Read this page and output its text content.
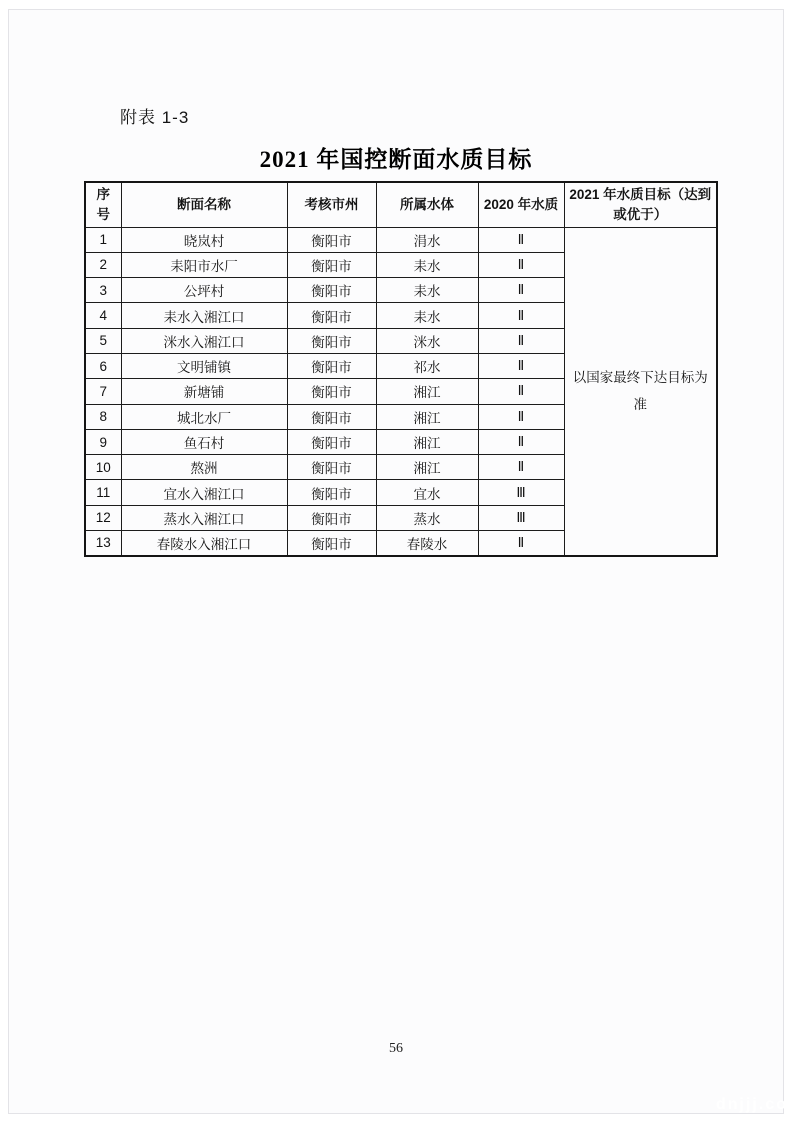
附表 1-3
2021 年国控断面水质目标
序号	断面名称	考核市州	所属水体	2020 年水质	2021 年水质目标（达到或优于）
1	晓岚村	衡阳市	涓水	Ⅱ	以国家最终下达目标为准
2	耒阳市水厂	衡阳市	耒水	Ⅱ	
3	公坪村	衡阳市	耒水	Ⅱ	
4	耒水入湘江口	衡阳市	耒水	Ⅱ	
5	洣水入湘江口	衡阳市	洣水	Ⅱ	
6	文明铺镇	衡阳市	祁水	Ⅱ	
7	新塘铺	衡阳市	湘江	Ⅱ	
8	城北水厂	衡阳市	湘江	Ⅱ	
9	鱼石村	衡阳市	湘江	Ⅱ	
10	熬洲	衡阳市	湘江	Ⅱ	
11	宜水入湘江口	衡阳市	宜水	Ⅲ	
12	蒸水入湘江口	衡阳市	蒸水	Ⅲ	
13	春陵水入湘江口	衡阳市	春陵水	Ⅱ	
56
dnjjj.co
